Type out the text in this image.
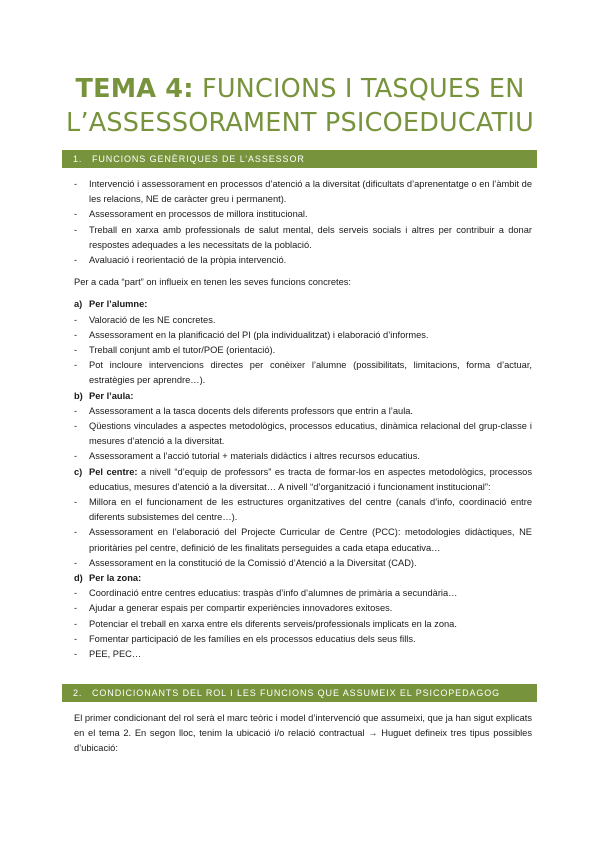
TEMA 4: FUNCIONS I TASQUES EN
L’ASSESSORAMENT PSICOEDUCATIU
1. FUNCIONS GENÈRIQUES DE L’ASSESSOR
- Intervenció i assessorament en processos d’atenció a la diversitat (dificultats d’aprenentatge o en l’àmbit de les relacions, NE de caràcter greu i permanent).
- Assessorament en processos de millora institucional.
- Treball en xarxa amb professionals de salut mental, dels serveis socials i altres per contribuir a donar respostes adequades a les necessitats de la població.
- Avaluació i reorientació de la pròpia intervenció.
Per a cada “part” on influeix en tenen les seves funcions concretes:
a) Per l’alumne:
- Valoració de les NE concretes.
- Assessorament en la planificació del PI (pla individualitzat) i elaboració d’informes.
- Treball conjunt amb el tutor/POE (orientació).
- Pot incloure intervencions directes per conèixer l’alumne (possibilitats, limitacions, forma d’actuar, estratègies per aprendre…).
b) Per l’aula:
- Assessorament a la tasca docents dels diferents professors que entrin a l’aula.
- Qüestions vinculades a aspectes metodològics, processos educatius, dinàmica relacional del grup-classe i mesures d’atenció a la diversitat.
- Assessorament a l’acció tutorial + materials didàctics i altres recursos educatius.
c) Pel centre: a nivell “d’equip de professors” es tracta de formar-los en aspectes metodològics, processos educatius, mesures d’atenció a la diversitat… A nivell “d’organització i funcionament institucional”:
- Millora en el funcionament de les estructures organitzatives del centre (canals d’info, coordinació entre diferents subsistemes del centre…).
- Assessorament en l’elaboració del Projecte Curricular de Centre (PCC): metodologies didàctiques, NE prioritàries pel centre, definició de les finalitats perseguides a cada etapa educativa…
- Assessorament en la constitució de la Comissió d’Atenció a la Diversitat (CAD).
d) Per la zona:
- Coordinació entre centres educatius: traspàs d’info d’alumnes de primària a secundària…
- Ajudar a generar espais per compartir experiències innovadores exitoses.
- Potenciar el treball en xarxa entre els diferents serveis/professionals implicats en la zona.
- Fomentar participació de les famílies en els processos educatius dels seus fills.
- PEE, PEC…
2. CONDICIONANTS DEL ROL I LES FUNCIONS QUE ASSUMEIX EL PSICOPEDAGOG
El primer condicionant del rol serà el marc teòric i model d’intervenció que assumeixi, que ja han sigut explicats en el tema 2. En segon lloc, tenim la ubicació i/o relació contractual → Huguet defineix tres tipus possibles d’ubicació:
